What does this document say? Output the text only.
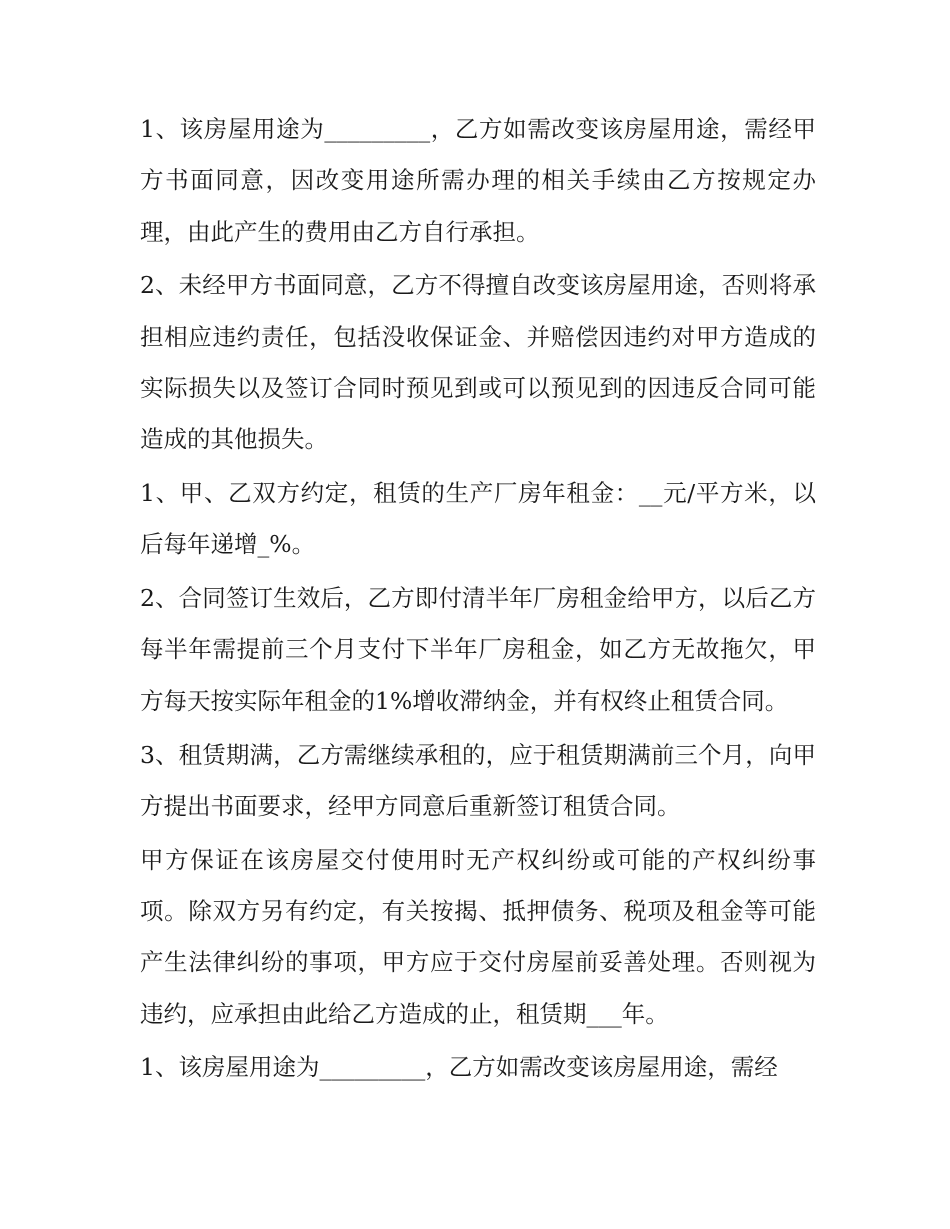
1、该房屋用途为_________，乙方如需改变该房屋用途，需经甲方书面同意，因改变用途所需办理的相关手续由乙方按规定办理，由此产生的费用由乙方自行承担。

2、未经甲方书面同意，乙方不得擅自改变该房屋用途，否则将承担相应违约责任，包括没收保证金、并赔偿因违约对甲方造成的实际损失以及签订合同时预见到或可以预见到的因违反合同可能造成的其他损失。

1、甲、乙双方约定，租赁的生产厂房年租金：__元/平方米，以后每年递增_%。

2、合同签订生效后，乙方即付清半年厂房租金给甲方，以后乙方每半年需提前三个月支付下半年厂房租金，如乙方无故拖欠，甲方每天按实际年租金的1%增收滞纳金，并有权终止租赁合同。

3、租赁期满，乙方需继续承租的，应于租赁期满前三个月，向甲方提出书面要求，经甲方同意后重新签订租赁合同。

甲方保证在该房屋交付使用时无产权纠纷或可能的产权纠纷事项。除双方另有约定，有关按揭、抵押债务、税项及租金等可能产生法律纠纷的事项，甲方应于交付房屋前妥善处理。否则视为违约，应承担由此给乙方造成的止，租赁期___年。

1、该房屋用途为_________，乙方如需改变该房屋用途，需经
